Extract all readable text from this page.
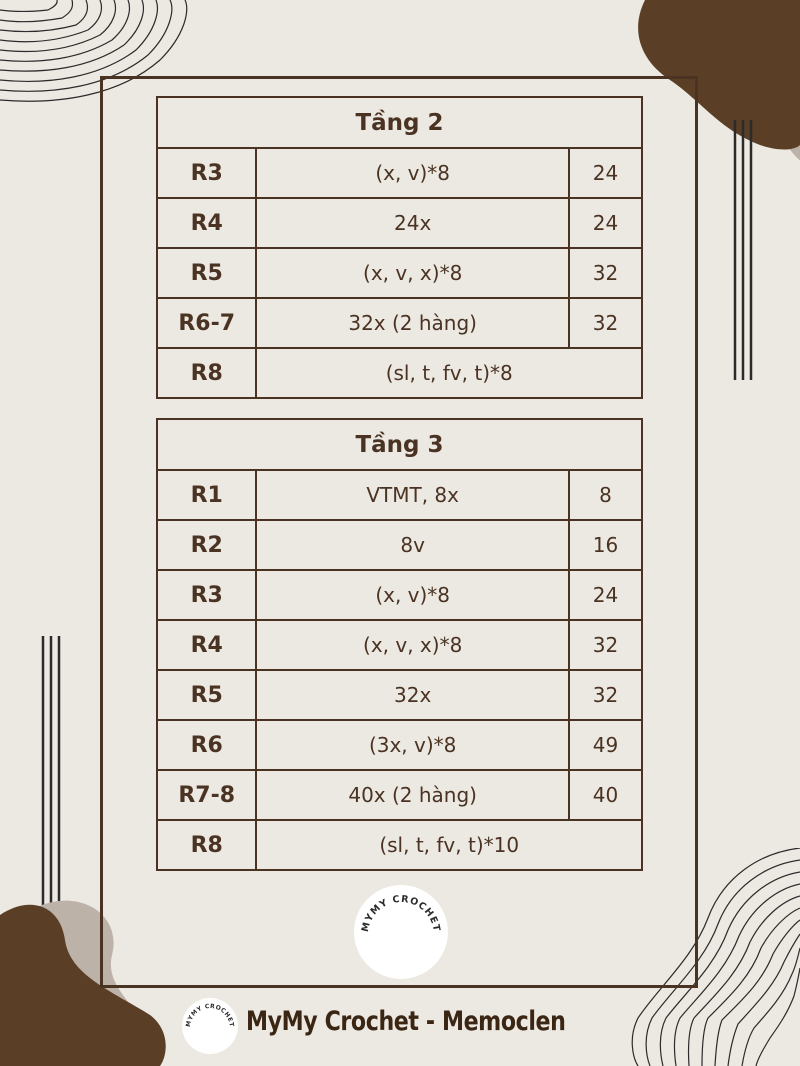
Tầng 2		
R3	(x, v)*8	24
R4	24x	24
R5	(x, v, x)*8	32
R6-7	32x (2 hàng)	32
R8	(sl, t, fv, t)*8	
Tầng 3		
R1	VTMT, 8x	8
R2	8v	16
R3	(x, v)*8	24
R4	(x, v, x)*8	32
R5	32x	32
R6	(3x, v)*8	49
R7-8	40x (2 hàng)	40
R8	(sl, t, fv, t)*10	
MYMY CROCHET
MYMY CROCHET MyMy Crochet - Memoclen
